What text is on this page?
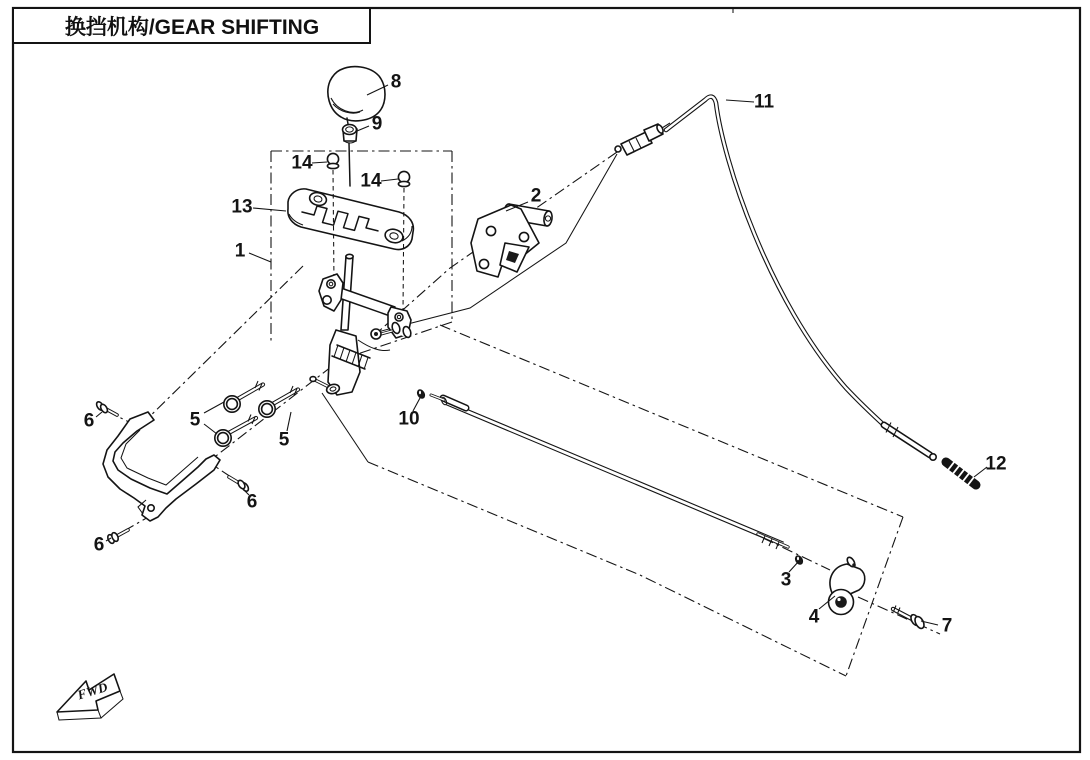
换挡机构/GEAR SHIFTING
FWD
1
2
3
4
5
5
6
6
6
7
8
9
10
11
12
13
14
14
